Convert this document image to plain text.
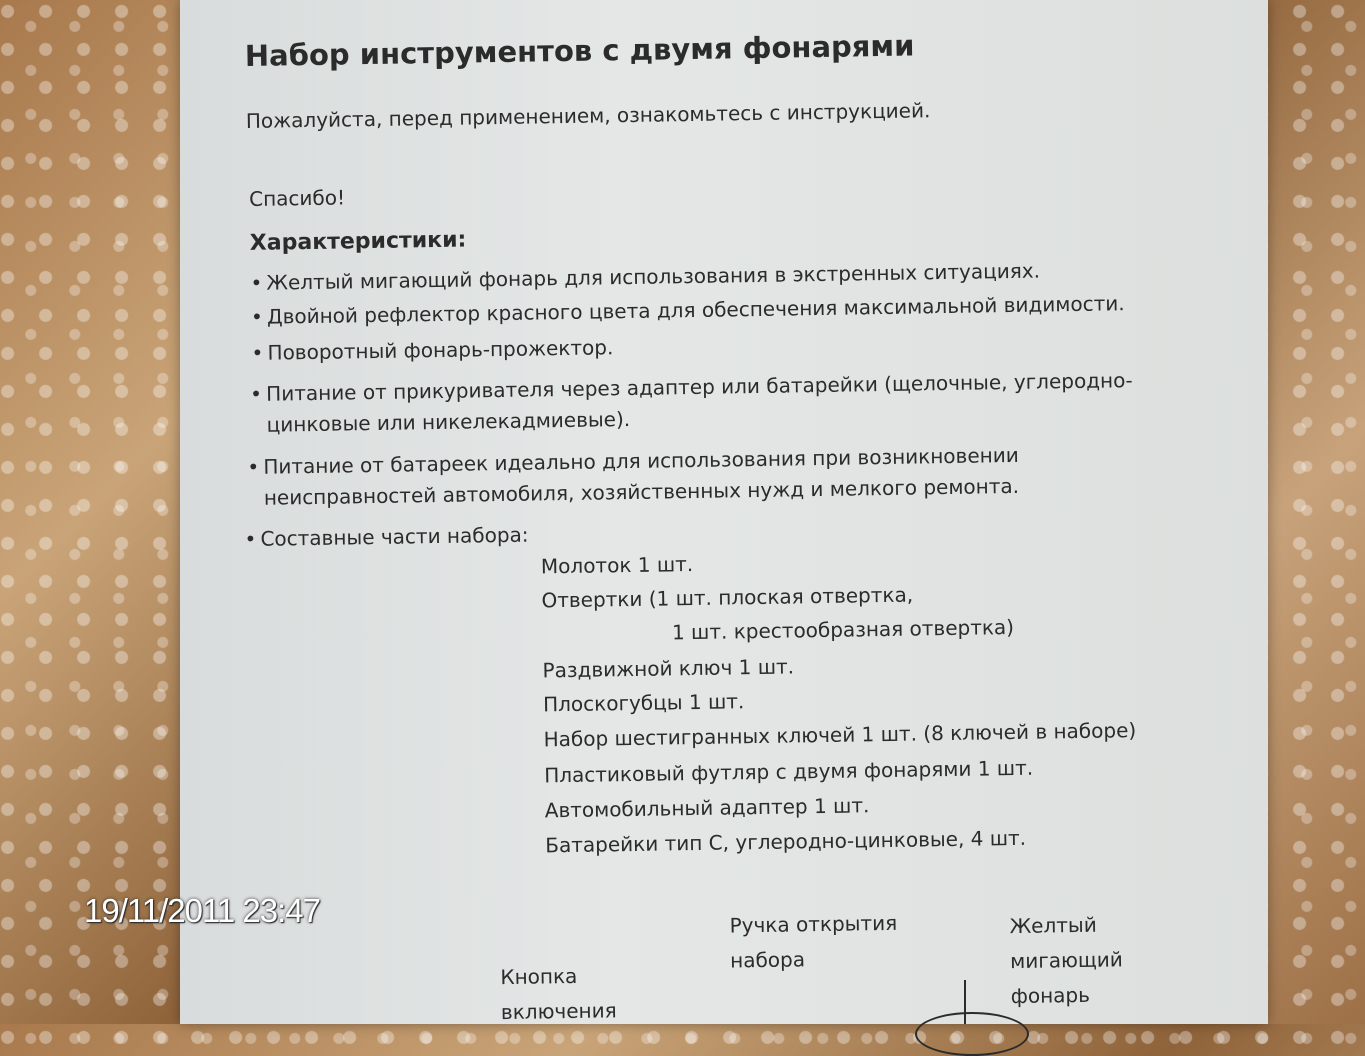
Набор инструментов с двумя фонарями
Пожалуйста, перед применением, ознакомьтесь с инструкцией.
Спасибо!
Характеристики:
• Желтый мигающий фонарь для использования в экстренных ситуациях.
• Двойной рефлектор красного цвета для обеспечения максимальной видимости.
• Поворотный фонарь-прожектор.
• Питание от прикуривателя через адаптер или батарейки (щелочные, углеродно-
цинковые или никелекадмиевые).
• Питание от батареек идеально для использования при возникновении
неисправностей автомобиля, хозяйственных нужд и мелкого ремонта.
• Составные части набора:
Молоток 1 шт.
Отвертки (1 шт. плоская отвертка,
1 шт. крестообразная отвертка)
Раздвижной ключ 1 шт.
Плоскогубцы 1 шт.
Набор шестигранных ключей 1 шт. (8 ключей в наборе)
Пластиковый футляр с двумя фонарями 1 шт.
Автомобильный адаптер 1 шт.
Батарейки тип С, углеродно-цинковые, 4 шт.
Кнопка
включения
Ручка открытия
набора
Желтый
мигающий
фонарь
19/11/2011 23:47
